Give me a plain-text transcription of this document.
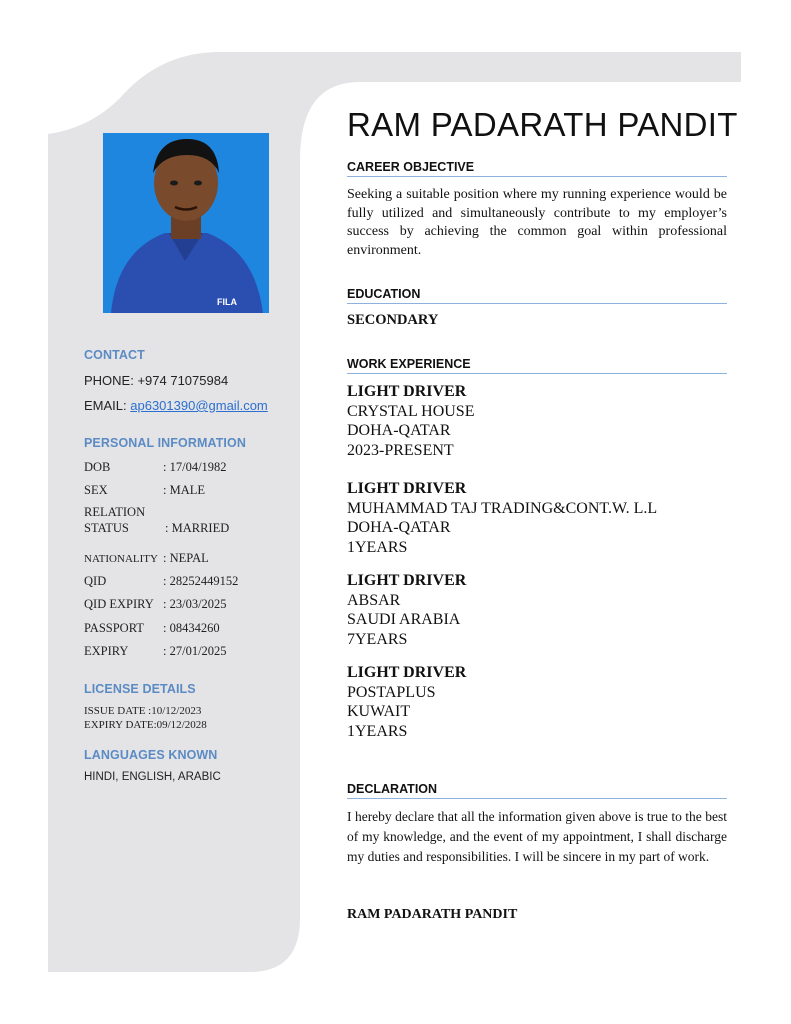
FILA
CONTACT
PHONE: +974 71075984
EMAIL: ap6301390@gmail.com
PERSONAL INFORMATION
DOB	: 17/04/1982
SEX	: MALE
RELATION
STATUS	: MARRIED
NATIONALITY : NEPAL
QID	: 28252449152
QID EXPIRY : 23/03/2025
PASSPORT : 08434260
EXPIRY	: 27/01/2025
LICENSE DETAILS
ISSUE DATE :10/12/2023
EXPIRY DATE:09/12/2028
LANGUAGES KNOWN
HINDI, ENGLISH, ARABIC
RAM PADARATH PANDIT
CAREER OBJECTIVE
Seeking a suitable position where my running experience would be fully utilized and simultaneously contribute to my employer’s success by achieving the common goal within professional environment.
EDUCATION
SECONDARY
WORK EXPERIENCE
LIGHT DRIVER
CRYSTAL HOUSE
DOHA-QATAR
2023-PRESENT
LIGHT DRIVER
MUHAMMAD TAJ TRADING&CONT.W. L.L
DOHA-QATAR
1YEARS
LIGHT DRIVER
ABSAR
SAUDI ARABIA
7YEARS
LIGHT DRIVER
POSTAPLUS
KUWAIT
1YEARS
DECLARATION
I hereby declare that all the information given above is true to the best of my knowledge, and the event of my appointment, I shall discharge my duties and responsibilities. I will be sincere in my part of work.
RAM PADARATH PANDIT
